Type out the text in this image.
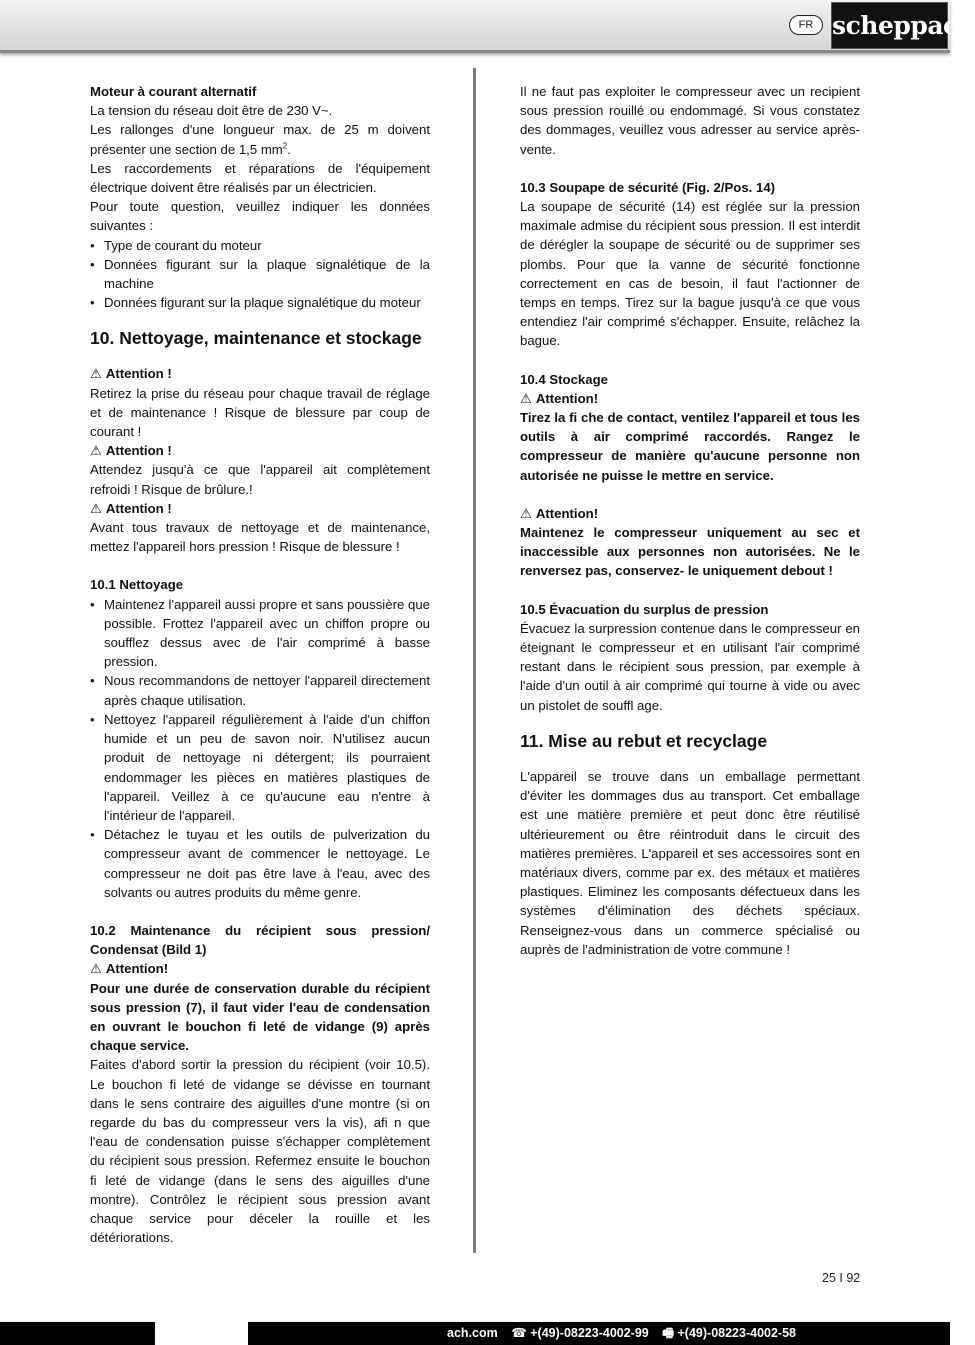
FR scheppach

Moteur à courant alternatif

La tension du réseau doit être de 230 V~.

Les rallonges d'une longueur max. de 25 m doivent présenter une section de 1,5 $mm^2$.

Les raccordements et réparations de l'équipement électrique doivent être réalisés par un électricien.

Pour toute question, veuillez indiquer les données suivantes :

• Type de courant du moteur
• Données figurant sur la plaque signalétique de la machine
• Données figurant sur la plaque signalétique du moteur
10. Nettoyage, maintenance et stockage

⚠ Attention !

Retirez la prise du réseau pour chaque travail de réglage et de maintenance ! Risque de blessure par coup de courant !

⚠ Attention !

Attendez jusqu'à ce que l'appareil ait complètement refroidi ! Risque de brûlure.!

⚠ Attention !

Avant tous travaux de nettoyage et de maintenance, mettez l'appareil hors pression ! Risque de blessure !

10.1 Nettoyage

• Maintenez l'appareil aussi propre et sans poussière que possible. Frottez l'appareil avec un chiffon propre ou soufflez dessus avec de l'air comprimé à basse pression.
• Nous recommandons de nettoyer l'appareil directement après chaque utilisation.
• Nettoyez l'appareil régulièrement à l'aide d'un chiffon humide et un peu de savon noir. N'utilisez aucun produit de nettoyage ni détergent; ils pourraient endommager les pièces en matières plastiques de l'appareil. Veillez à ce qu'aucune eau n'entre à l'intérieur de l'appareil.
• Détachez le tuyau et les outils de pulverization du compresseur avant de commencer le nettoyage. Le compresseur ne doit pas être lave à l'eau, avec des solvants ou autres produits du même genre.

10.2 Maintenance du récipient sous pression/ Condensat (Bild 1)

⚠ Attention!

Pour une durée de conservation durable du récipient sous pression (7), il faut vider l'eau de condensation en ouvrant le bouchon fi leté de vidange (9) après chaque service.

Faites d'abord sortir la pression du récipient (voir 10.5). Le bouchon fi leté de vidange se dévisse en tournant dans le sens contraire des aiguilles d'une montre (si on regarde du bas du compresseur vers la vis), afi n que l'eau de condensation puisse s'échapper complètement du récipient sous pression. Refermez ensuite le bouchon fi leté de vidange (dans le sens des aiguilles d'une montre). Contrôlez le récipient sous pression avant chaque service pour déceler la rouille et les détériorations.

Il ne faut pas exploiter le compresseur avec un recipient sous pression rouillé ou endommagé. Si vous constatez des dommages, veuillez vous adresser au service après-vente.

10.3 Soupape de sécurité (Fig. 2/Pos. 14)

La soupape de sécurité (14) est réglée sur la pression maximale admise du récipient sous pression. Il est interdit de dérégler la soupape de sécurité ou de supprimer ses plombs. Pour que la vanne de sécurité fonctionne correctement en cas de besoin, il faut l'actionner de temps en temps. Tirez sur la bague jusqu'à ce que vous entendiez l'air comprimé s'échapper. Ensuite, relâchez la bague.

10.4 Stockage

⚠ Attention!

Tirez la fi che de contact, ventilez l'appareil et tous les outils à air comprimé raccordés. Rangez le compresseur de manière qu'aucune personne non autorisée ne puisse le mettre en service.

⚠ Attention!

Maintenez le compresseur uniquement au sec et inaccessible aux personnes non autorisées. Ne le renversez pas, conservez- le uniquement debout !

10.5 Évacuation du surplus de pression

Évacuez la surpression contenue dans le compresseur en éteignant le compresseur et en utilisant l'air comprimé restant dans le récipient sous pression, par exemple à l'aide d'un outil à air comprimé qui tourne à vide ou avec un pistolet de souffl age.

11. Mise au rebut et recyclage

L'appareil se trouve dans un emballage permettant d'éviter les dommages dus au transport. Cet emballage est une matière première et peut donc être réutilisé ultérieurement ou être réintroduit dans le circuit des matières premières. L'appareil et ses accessoires sont en matériaux divers, comme par ex. des métaux et matières plastiques. Eliminez les composants défectueux dans les systèmes d'élimination des déchets spéciaux. Renseignez-vous dans un commerce spécialisé ou auprès de l'administration de votre commune !

25 I 92
ach.com ☎ +(49)-08223-4002-99 🖷 +(49)-08223-4002-58
